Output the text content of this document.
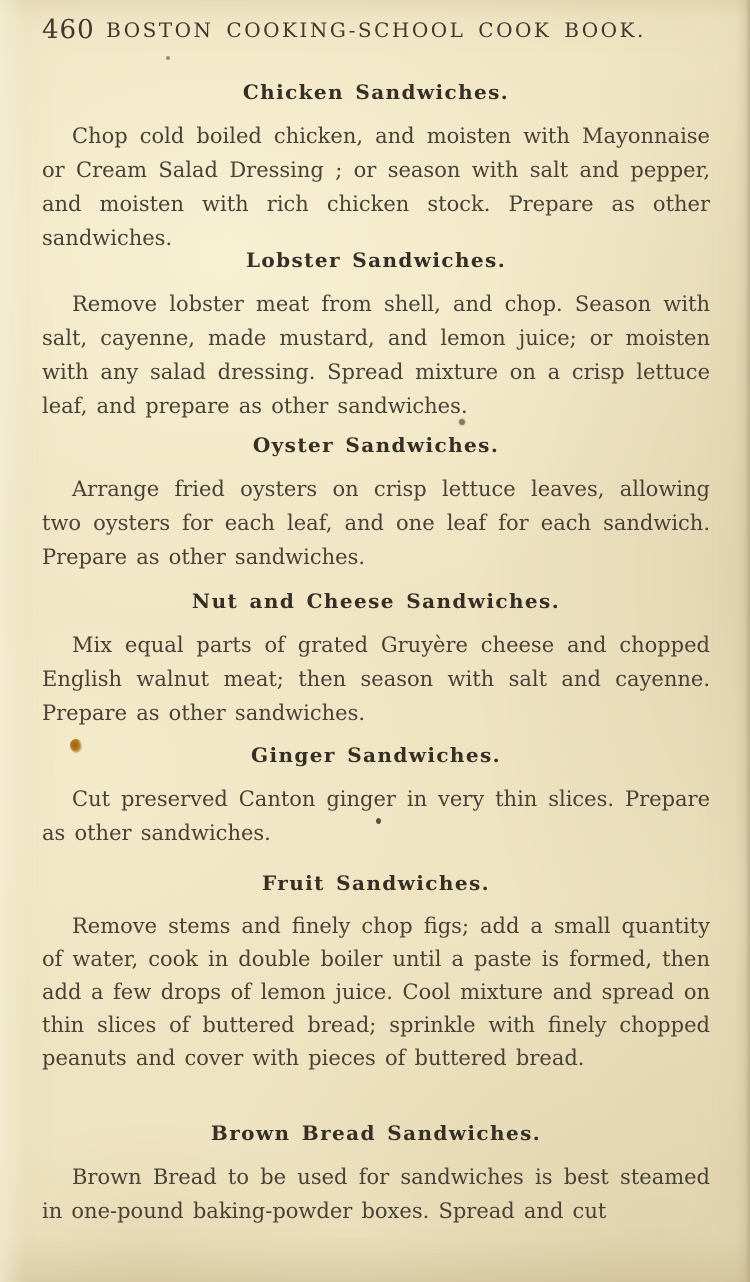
460 BOSTON COOKING-SCHOOL COOK BOOK.
Chicken Sandwiches.

Chop cold boiled chicken, and moisten with Mayonnaise or Cream Salad Dressing ; or season with salt and pepper, and moisten with rich chicken stock. Prepare as other sandwiches.

Lobster Sandwiches.

Remove lobster meat from shell, and chop. Season with salt, cayenne, made mustard, and lemon juice; or moisten with any salad dressing. Spread mixture on a crisp lettuce leaf, and prepare as other sandwiches.

Oyster Sandwiches.

Arrange fried oysters on crisp lettuce leaves, allowing two oysters for each leaf, and one leaf for each sandwich. Prepare as other sandwiches.

Nut and Cheese Sandwiches.

Mix equal parts of grated Gruyère cheese and chopped English walnut meat; then season with salt and cayenne. Prepare as other sandwiches.

Ginger Sandwiches.

Cut preserved Canton ginger in very thin slices. Prepare as other sandwiches.

Fruit Sandwiches.

Remove stems and finely chop figs; add a small quantity of water, cook in double boiler until a paste is formed, then add a few drops of lemon juice. Cool mixture and spread on thin slices of buttered bread; sprinkle with finely chopped peanuts and cover with pieces of buttered bread.

Brown Bread Sandwiches.

Brown Bread to be used for sandwiches is best steamed in one-pound baking-powder boxes. Spread and cut
